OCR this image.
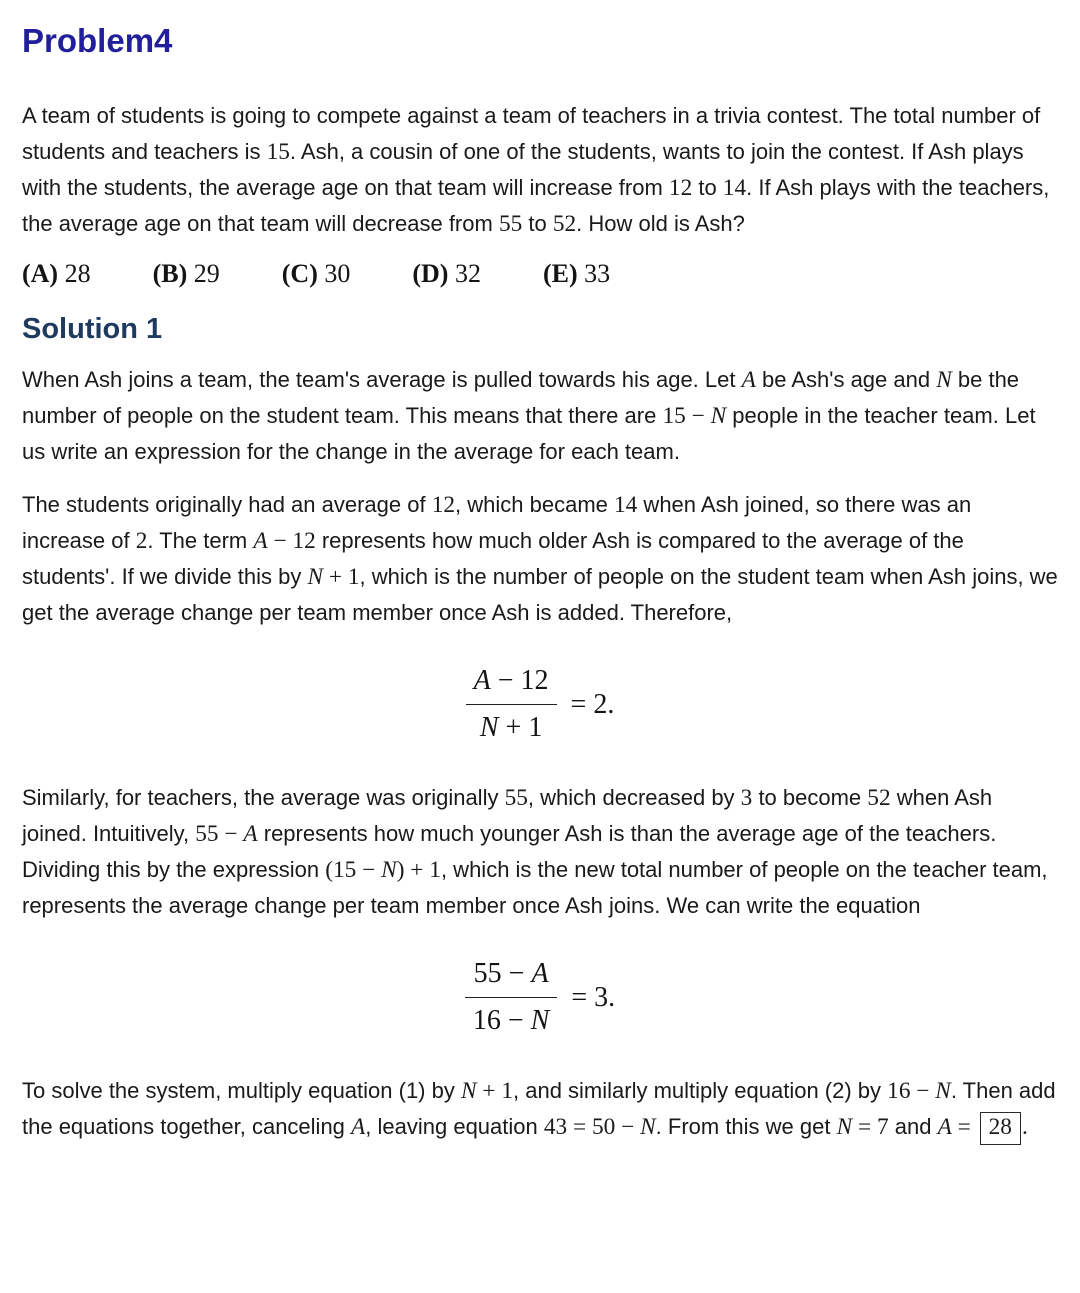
Problem4

A team of students is going to compete against a team of teachers in a trivia contest. The total number of students and teachers is 15. Ash, a cousin of one of the students, wants to join the contest. If Ash plays with the students, the average age on that team will increase from 12 to 14. If Ash plays with the teachers, the average age on that team will decrease from 55 to 52. How old is Ash?

(A) 28 (B) 29 (C) 30 (D) 32 (E) 33
Solution 1

When Ash joins a team, the team's average is pulled towards his age. Let A be Ash's age and N be the number of people on the student team. This means that there are 15 − N people in the teacher team. Let us write an expression for the change in the average for each team.

The students originally had an average of 12, which became 14 when Ash joined, so there was an increase of 2. The term A − 12 represents how much older Ash is compared to the average of the students'. If we divide this by N + 1, which is the number of people on the student team when Ash joins, we get the average change per team member once Ash is added. Therefore,

$\frac{A - 12}{N + 1} = 2$.

Similarly, for teachers, the average was originally 55, which decreased by 3 to become 52 when Ash joined. Intuitively, 55 − A represents how much younger Ash is than the average age of the teachers. Dividing this by the expression (15 − N) + 1, which is the new total number of people on the teacher team, represents the average change per team member once Ash joins. We can write the equation

$\frac{55 - A}{16 - N} = 3$.

To solve the system, multiply equation (1) by N + 1, and similarly multiply equation (2) by 16 − N. Then add the equations together, canceling A, leaving equation 43 = 50 − N. From this we get N = 7 and A = 28 .
